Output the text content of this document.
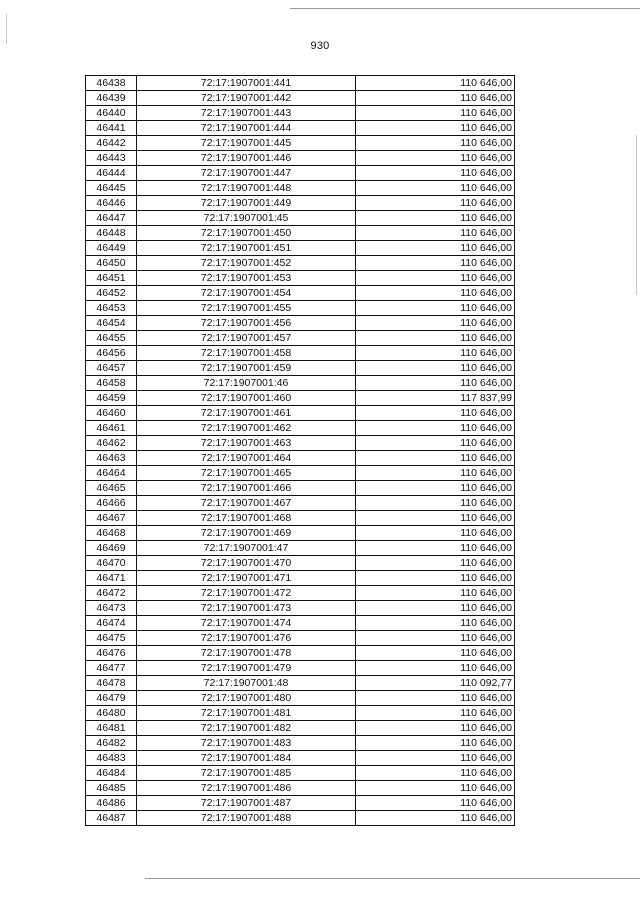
930
46438	72:17:1907001:441	110 646,00
46439	72:17:1907001:442	110 646,00
46440	72:17:1907001:443	110 646,00
46441	72:17:1907001:444	110 646,00
46442	72:17:1907001:445	110 646,00
46443	72:17:1907001:446	110 646,00
46444	72:17:1907001:447	110 646,00
46445	72:17:1907001:448	110 646,00
46446	72:17:1907001:449	110 646,00
46447	72:17:1907001:45	110 646,00
46448	72:17:1907001:450	110 646,00
46449	72:17:1907001:451	110 646,00
46450	72:17:1907001:452	110 646,00
46451	72:17:1907001:453	110 646,00
46452	72:17:1907001:454	110 646,00
46453	72:17:1907001:455	110 646,00
46454	72:17:1907001:456	110 646,00
46455	72:17:1907001:457	110 646,00
46456	72:17:1907001:458	110 646,00
46457	72:17:1907001:459	110 646,00
46458	72:17:1907001:46	110 646,00
46459	72:17:1907001:460	117 837,99
46460	72:17:1907001:461	110 646,00
46461	72:17:1907001:462	110 646,00
46462	72:17:1907001:463	110 646,00
46463	72:17:1907001:464	110 646,00
46464	72:17:1907001:465	110 646,00
46465	72:17:1907001:466	110 646,00
46466	72:17:1907001:467	110 646,00
46467	72:17:1907001:468	110 646,00
46468	72:17:1907001:469	110 646,00
46469	72:17:1907001:47	110 646,00
46470	72:17:1907001:470	110 646,00
46471	72:17:1907001:471	110 646,00
46472	72:17:1907001:472	110 646,00
46473	72:17:1907001:473	110 646,00
46474	72:17:1907001:474	110 646,00
46475	72:17:1907001:476	110 646,00
46476	72:17:1907001:478	110 646,00
46477	72:17:1907001:479	110 646,00
46478	72:17:1907001:48	110 092,77
46479	72:17:1907001:480	110 646,00
46480	72:17:1907001:481	110 646,00
46481	72:17:1907001:482	110 646,00
46482	72:17:1907001:483	110 646,00
46483	72:17:1907001:484	110 646,00
46484	72:17:1907001:485	110 646,00
46485	72:17:1907001:486	110 646,00
46486	72:17:1907001:487	110 646,00
46487	72:17:1907001:488	110 646,00
